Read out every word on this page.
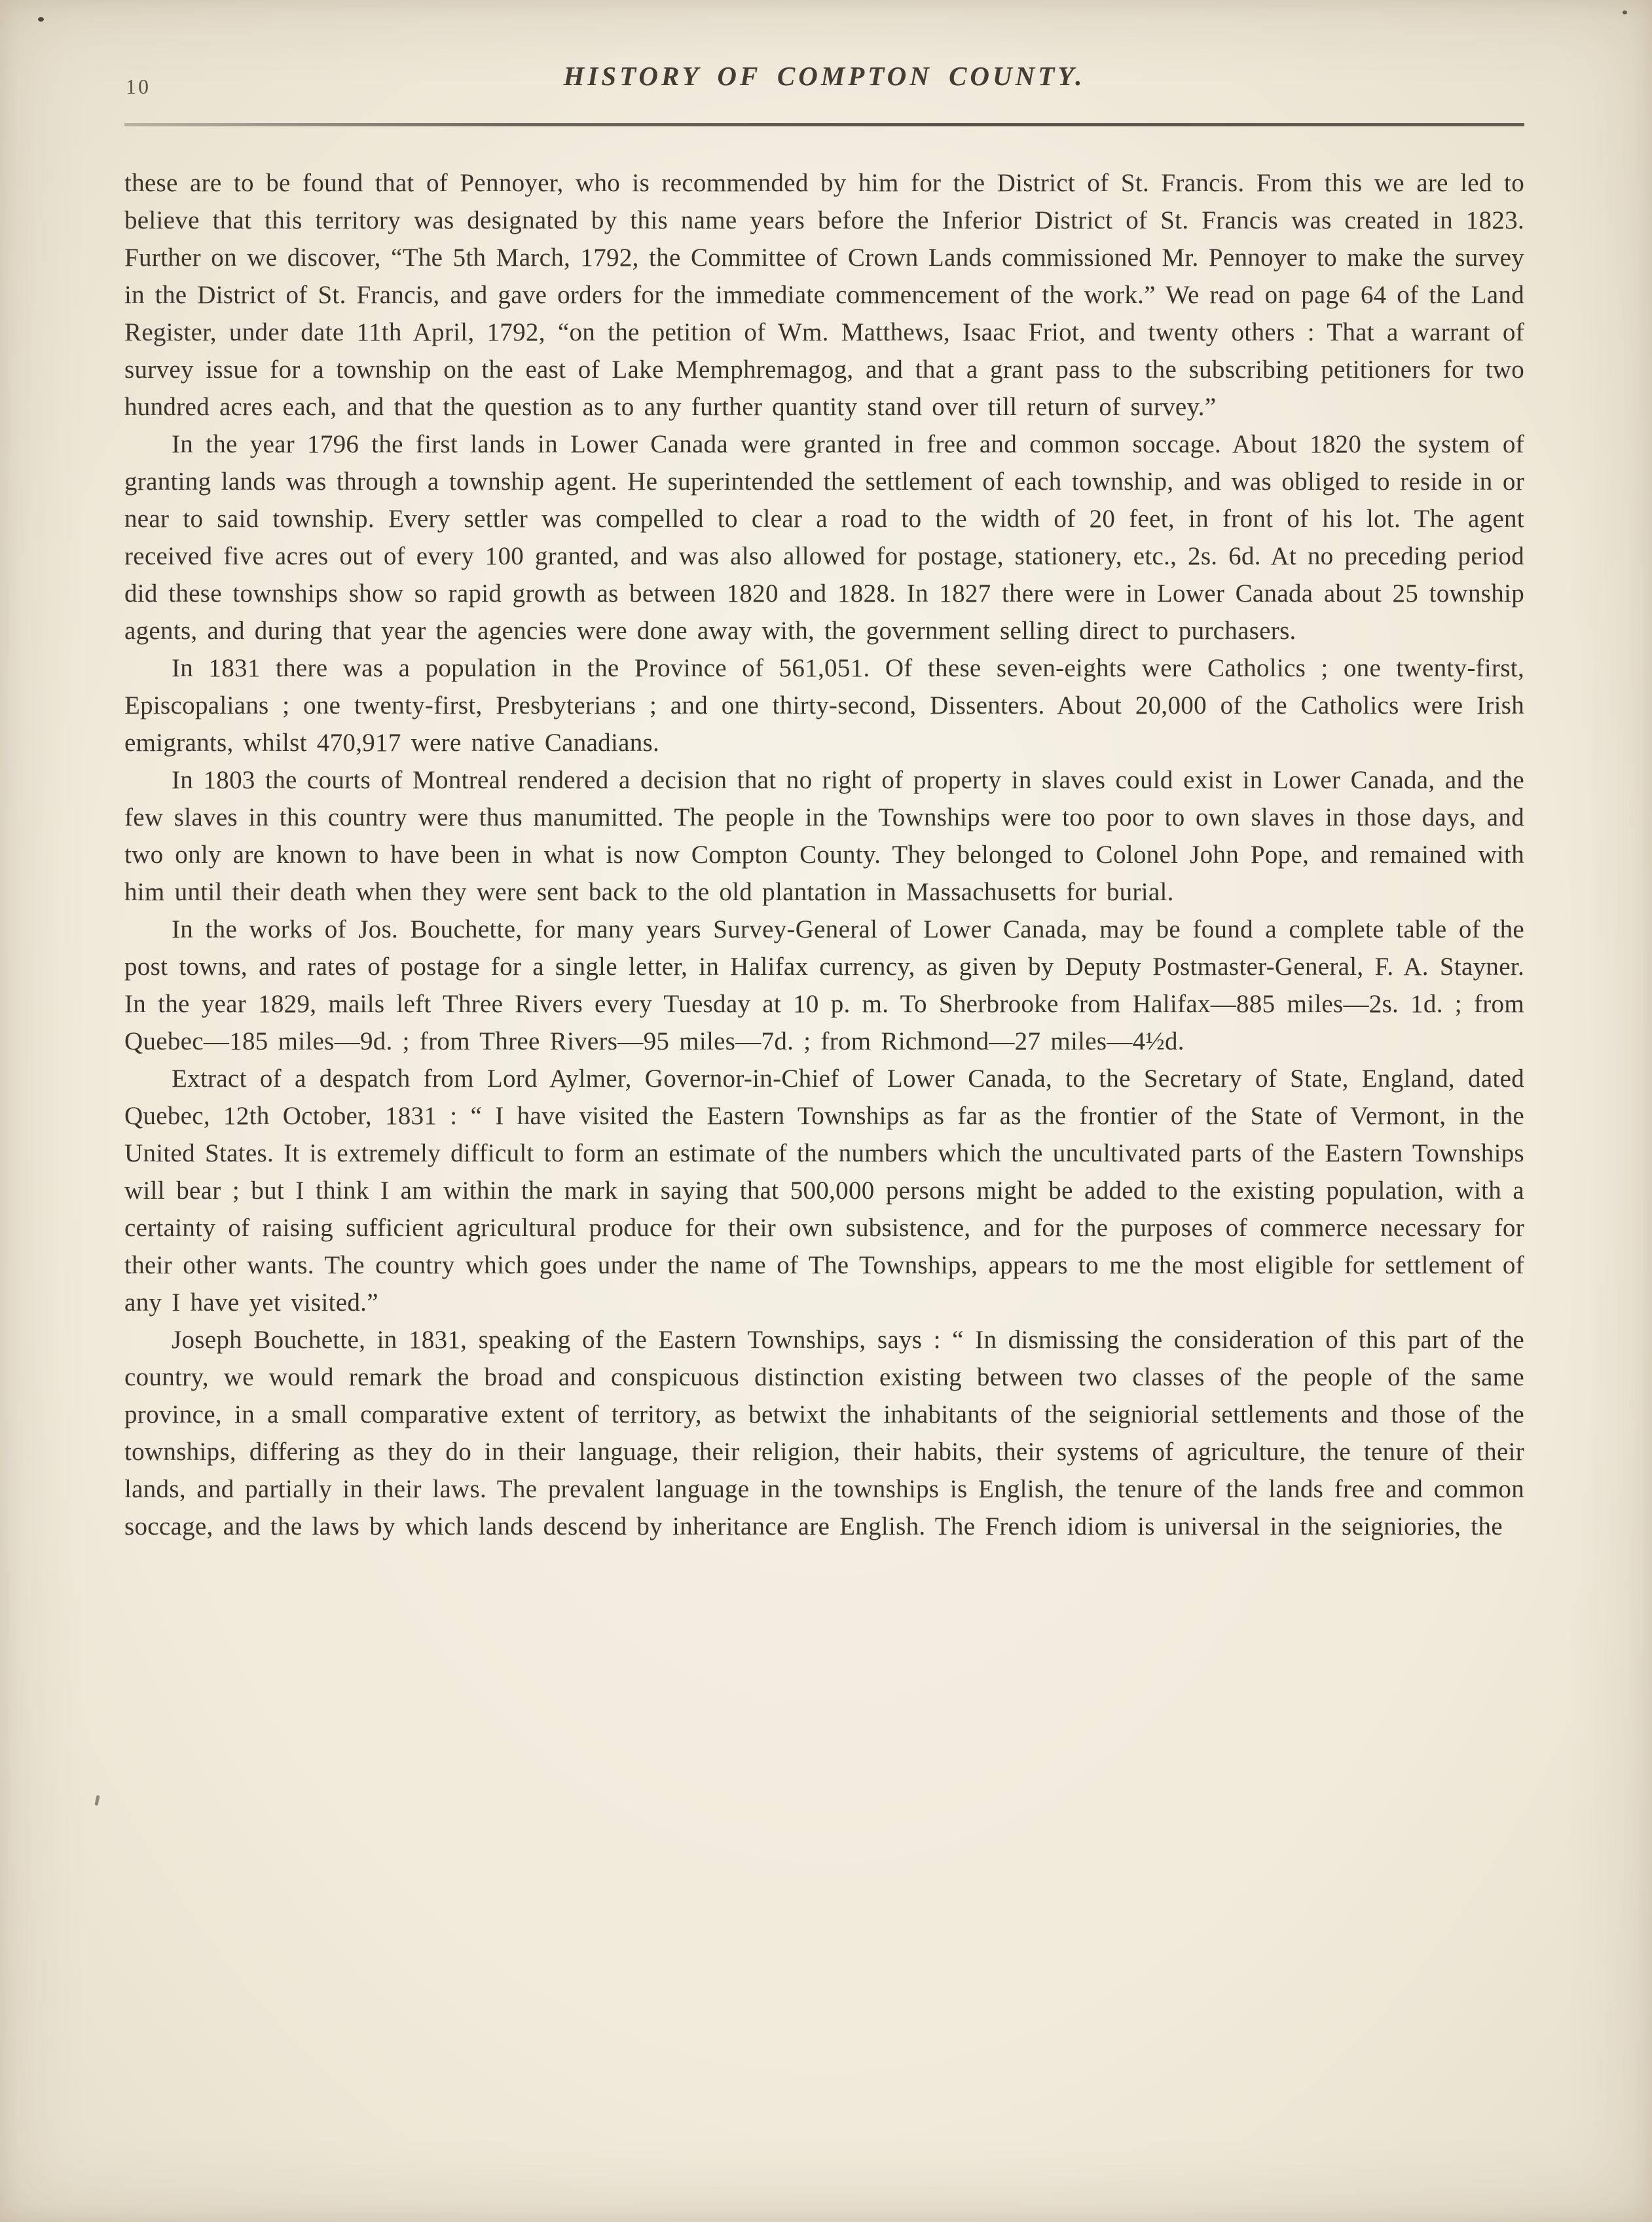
10	HISTORY OF COMPTON COUNTY.

these are to be found that of Pennoyer, who is recommended by him for the District of St. Francis. From this we are led to believe that this territory was designated by this name years before the Inferior District of St. Francis was created in 1823. Further on we discover, “The 5th March, 1792, the Committee of Crown Lands commissioned Mr. Pennoyer to make the survey in the District of St. Francis, and gave orders for the immediate commencement of the work.” We read on page 64 of the Land Register, under date 11th April, 1792, “on the petition of Wm. Matthews, Isaac Friot, and twenty others : That a warrant of survey issue for a township on the east of Lake Memphremagog, and that a grant pass to the subscribing petitioners for two hundred acres each, and that the question as to any further quantity stand over till return of survey.”

In the year 1796 the first lands in Lower Canada were granted in free and common soccage. About 1820 the system of granting lands was through a township agent. He superintended the settlement of each township, and was obliged to reside in or near to said township. Every settler was compelled to clear a road to the width of 20 feet, in front of his lot. The agent received five acres out of every 100 granted, and was also allowed for postage, stationery, etc., 2s. 6d. At no preceding period did these townships show so rapid growth as between 1820 and 1828. In 1827 there were in Lower Canada about 25 township agents, and during that year the agencies were done away with, the government selling direct to purchasers.

In 1831 there was a population in the Province of 561,051. Of these seven-eights were Catholics ; one twenty-first, Episcopalians ; one twenty-first, Presbyterians ; and one thirty-second, Dissenters. About 20,000 of the Catholics were Irish emigrants, whilst 470,917 were native Canadians.

In 1803 the courts of Montreal rendered a decision that no right of property in slaves could exist in Lower Canada, and the few slaves in this country were thus manumitted. The people in the Townships were too poor to own slaves in those days, and two only are known to have been in what is now Compton County. They belonged to Colonel John Pope, and remained with him until their death when they were sent back to the old plantation in Massachusetts for burial.

In the works of Jos. Bouchette, for many years Survey-General of Lower Canada, may be found a complete table of the post towns, and rates of postage for a single letter, in Halifax currency, as given by Deputy Postmaster-General, F. A. Stayner. In the year 1829, mails left Three Rivers every Tuesday at 10 p. m. To Sherbrooke from Halifax—885 miles—2s. 1d. ; from Quebec—185 miles—9d. ; from Three Rivers—95 miles—7d. ; from Richmond—27 miles—4½d.

Extract of a despatch from Lord Aylmer, Governor-in-Chief of Lower Canada, to the Secretary of State, England, dated Quebec, 12th October, 1831 : “ I have visited the Eastern Townships as far as the frontier of the State of Vermont, in the United States. It is extremely difficult to form an estimate of the numbers which the uncultivated parts of the Eastern Townships will bear ; but I think I am within the mark in saying that 500,000 persons might be added to the existing population, with a certainty of raising sufficient agricultural produce for their own subsistence, and for the purposes of commerce necessary for their other wants. The country which goes under the name of The Townships, appears to me the most eligible for settlement of any I have yet visited.”

Joseph Bouchette, in 1831, speaking of the Eastern Townships, says : “ In dismissing the consideration of this part of the country, we would remark the broad and conspicuous distinction existing between two classes of the people of the same province, in a small comparative extent of territory, as betwixt the inhabitants of the seigniorial settlements and those of the townships, differing as they do in their language, their religion, their habits, their systems of agriculture, the tenure of their lands, and partially in their laws. The prevalent language in the townships is English, the tenure of the lands free and common soccage, and the laws by which lands descend by inheritance are English. The French idiom is universal in the seigniories, the
